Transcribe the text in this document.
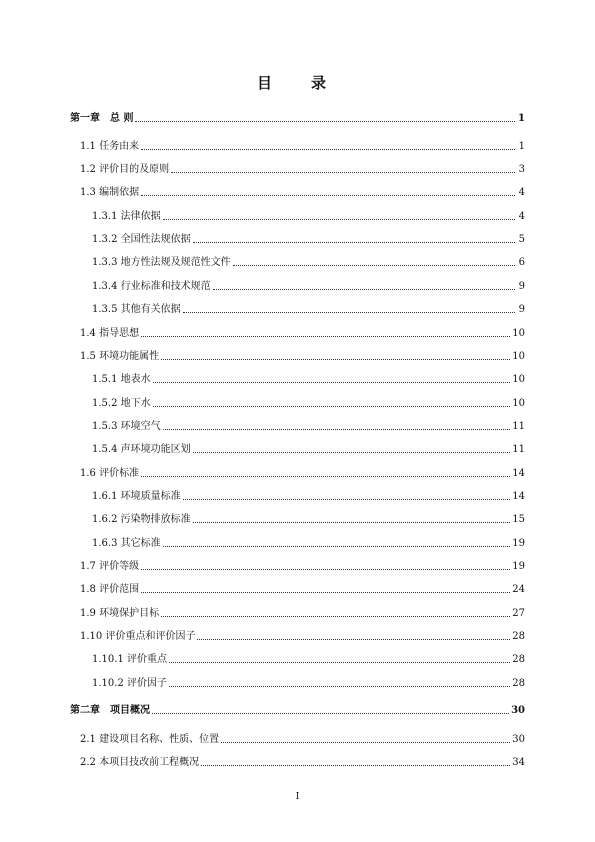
目　录
第一章　总 则	1
1.1 任务由来	1
1.2 评价目的及原则	3
1.3 编制依据	4
1.3.1 法律依据	4
1.3.2 全国性法规依据	5
1.3.3 地方性法规及规范性文件	6
1.3.4 行业标准和技术规范	9
1.3.5 其他有关依据	9
1.4 指导思想	10
1.5 环境功能属性	10
1.5.1 地表水	10
1.5.2 地下水	10
1.5.3 环境空气	11
1.5.4 声环境功能区划	11
1.6 评价标准	14
1.6.1 环境质量标准	14
1.6.2 污染物排放标准	15
1.6.3 其它标准	19
1.7 评价等级	19
1.8 评价范围	24
1.9 环境保护目标	27
1.10 评价重点和评价因子	28
1.10.1 评价重点	28
1.10.2 评价因子	28
第二章　项目概况	30
2.1 建设项目名称、性质、位置	30
2.2 本项目技改前工程概况	34
I
